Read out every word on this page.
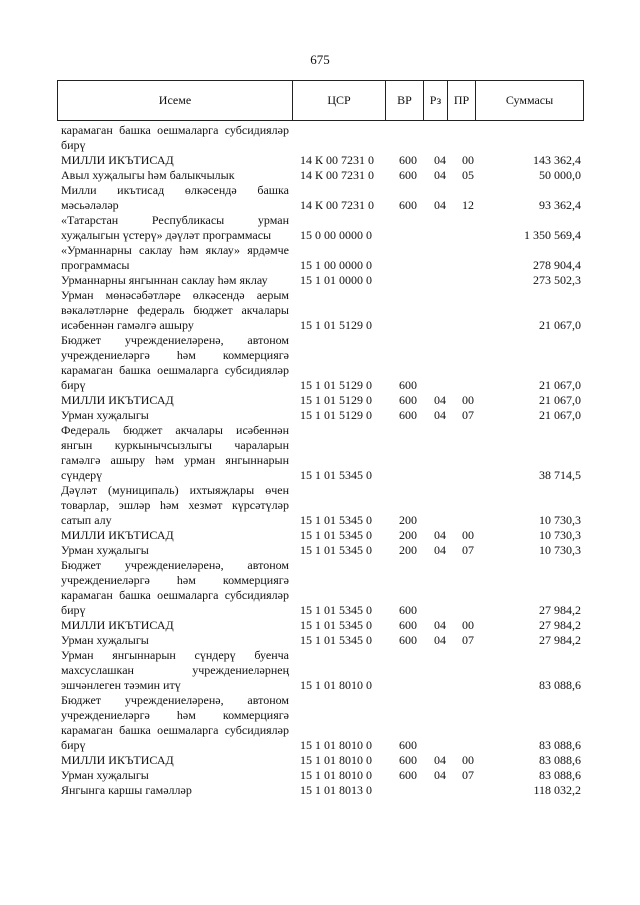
675
Исеме	ЦСР	ВР	Рз	ПР	Суммасы
карамаган башка оешмаларга субсидияләр бирү
МИЛЛИ ИКЪТИСАД	14 К 00 7231 0	600	04	00	143 362,4
Авыл хуҗалыгы һәм балыкчылык	14 К 00 7231 0	600	04	05	50 000,0
Милли икътисад өлкәсендә башка мәсьәләләр	14 К 00 7231 0	600	04	12	93 362,4
«Татарстан Республикасы урман хуҗалыгын үстерү» дәүләт программасы	15 0 00 0000 0	1 350 569,4
«Урманнарны саклау һәм яклау» ярдәмче программасы	15 1 00 0000 0	278 904,4
Урманнарны янгыннан саклау һәм яклау	15 1 01 0000 0	273 502,3
Урман мөнәсәбәтләре өлкәсендә аерым вәкаләтләрне федераль бюджет акчалары исәбеннән гамәлгә ашыру	15 1 01 5129 0	21 067,0
Бюджет учреждениеләренә, автоном учреждениеләргә һәм коммерциягә карамаган башка оешмаларга субсидияләр бирү	15 1 01 5129 0	600	21 067,0
МИЛЛИ ИКЪТИСАД	15 1 01 5129 0	600	04	00	21 067,0
Урман хуҗалыгы	15 1 01 5129 0	600	04	07	21 067,0
Федераль бюджет акчалары исәбеннән янгын куркынычсызлыгы чараларын гамәлгә ашыру һәм урман янгыннарын сүндерү	15 1 01 5345 0	38 714,5
Дәүләт (муниципаль) ихтыяҗлары өчен товарлар, эшләр һәм хезмәт күрсәтүләр сатып алу	15 1 01 5345 0	200	10 730,3
МИЛЛИ ИКЪТИСАД	15 1 01 5345 0	200	04	00	10 730,3
Урман хуҗалыгы	15 1 01 5345 0	200	04	07	10 730,3
Бюджет учреждениеләренә, автоном учреждениеләргә һәм коммерциягә карамаган башка оешмаларга субсидияләр бирү	15 1 01 5345 0	600	27 984,2
МИЛЛИ ИКЪТИСАД	15 1 01 5345 0	600	04	00	27 984,2
Урман хуҗалыгы	15 1 01 5345 0	600	04	07	27 984,2
Урман янгыннарын сүндерү буенча махсуслашкан учреждениеләрнең эшчәнлеген тәэмин итү	15 1 01 8010 0	83 088,6
Бюджет учреждениеләренә, автоном учреждениеләргә һәм коммерциягә карамаган башка оешмаларга субсидияләр бирү	15 1 01 8010 0	600	83 088,6
МИЛЛИ ИКЪТИСАД	15 1 01 8010 0	600	04	00	83 088,6
Урман хуҗалыгы	15 1 01 8010 0	600	04	07	83 088,6
Янгынга каршы гамәлләр	15 1 01 8013 0	118 032,2
